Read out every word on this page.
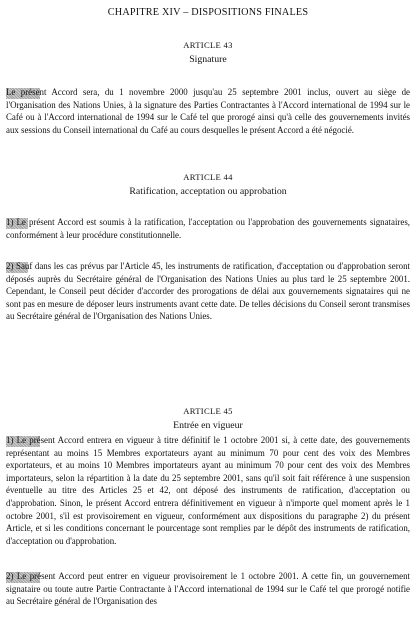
CHAPITRE XIV – DISPOSITIONS FINALES
ARTICLE 43
Signature
Le présent Accord sera, du 1 novembre 2000 jusqu'au 25 septembre 2001 inclus, ouvert au siège de l'Organisation des Nations Unies, à la signature des Parties Contractantes à l'Accord international de 1994 sur le Café ou à l'Accord international de 1994 sur le Café tel que prorogé ainsi qu'à celle des gouvernements invités aux sessions du Conseil international du Café au cours desquelles le présent Accord a été négocié.
ARTICLE 44
Ratification, acceptation ou approbation
1) Le présent Accord est soumis à la ratification, l'acceptation ou l'approbation des gouvernements signataires, conformément à leur procédure constitutionnelle.
2) Sauf dans les cas prévus par l'Article 45, les instruments de ratification, d'acceptation ou d'approbation seront déposés auprès du Secrétaire général de l'Organisation des Nations Unies au plus tard le 25 septembre 2001. Cependant, le Conseil peut décider d'accorder des prorogations de délai aux gouvernements signataires qui ne sont pas en mesure de déposer leurs instruments avant cette date. De telles décisions du Conseil seront transmises au Secrétaire général de l'Organisation des Nations Unies.
ARTICLE 45
Entrée en vigueur
1) Le présent Accord entrera en vigueur à titre définitif le 1 octobre 2001 si, à cette date, des gouvernements représentant au moins 15 Membres exportateurs ayant au minimum 70 pour cent des voix des Membres exportateurs, et au moins 10 Membres importateurs ayant au minimum 70 pour cent des voix des Membres importateurs, selon la répartition à la date du 25 septembre 2001, sans qu'il soit fait référence à une suspension éventuelle au titre des Articles 25 et 42, ont déposé des instruments de ratification, d'acceptation ou d'approbation. Sinon, le présent Accord entrera définitivement en vigueur à n'importe quel moment après le 1 octobre 2001, s'il est provisoirement en vigueur, conformément aux dispositions du paragraphe 2) du présent Article, et si les conditions concernant le pourcentage sont remplies par le dépôt des instruments de ratification, d'acceptation ou d'approbation.
2) Le présent Accord peut entrer en vigueur provisoirement le 1 octobre 2001. A cette fin, un gouvernement signataire ou toute autre Partie Contractante à l'Accord international de 1994 sur le Café tel que prorogé notifie au Secrétaire général de l'Organisation des
